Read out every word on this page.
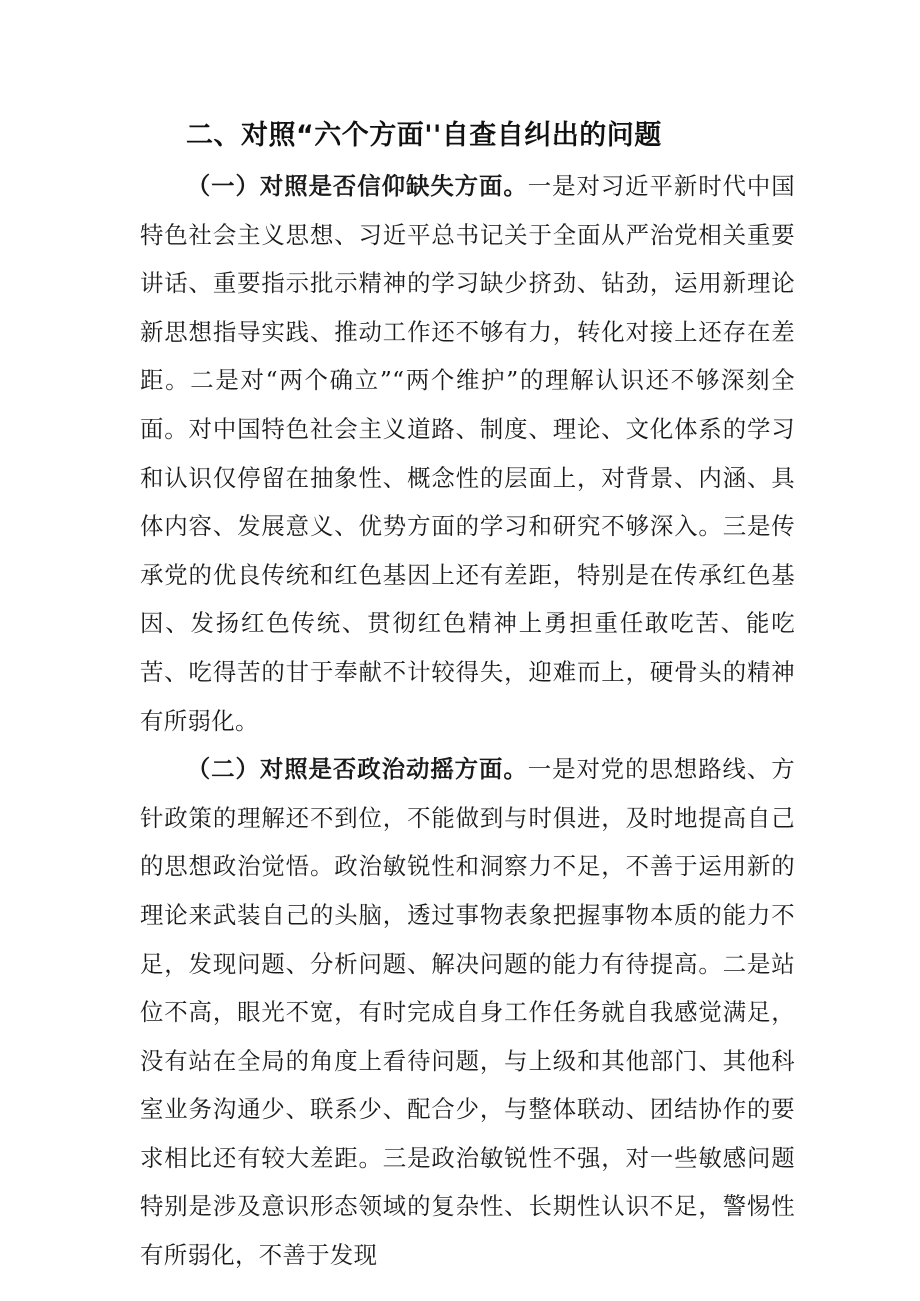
二、对照“六个方面''自查自纠出的问题

（一）对照是否信仰缺失方面。一是对习近平新时代中国特色社会主义思想、习近平总书记关于全面从严治党相关重要讲话、重要指示批示精神的学习缺少挤劲、钻劲，运用新理论新思想指导实践、推动工作还不够有力，转化对接上还存在差距。二是对“两个确立”“两个维护”的理解认识还不够深刻全面。对中国特色社会主义道路、制度、理论、文化体系的学习和认识仅停留在抽象性、概念性的层面上，对背景、内涵、具体内容、发展意义、优势方面的学习和研究不够深入。三是传承党的优良传统和红色基因上还有差距，特别是在传承红色基因、发扬红色传统、贯彻红色精神上勇担重任敢吃苦、能吃苦、吃得苦的甘于奉献不计较得失，迎难而上，硬骨头的精神有所弱化。

（二）对照是否政治动摇方面。一是对党的思想路线、方针政策的理解还不到位，不能做到与时俱进，及时地提高自己的思想政治觉悟。政治敏锐性和洞察力不足，不善于运用新的理论来武装自己的头脑，透过事物表象把握事物本质的能力不足，发现问题、分析问题、解决问题的能力有待提高。二是站位不高，眼光不宽，有时完成自身工作任务就自我感觉满足，没有站在全局的角度上看待问题，与上级和其他部门、其他科室业务沟通少、联系少、配合少，与整体联动、团结协作的要求相比还有较大差距。三是政治敏锐性不强，对一些敏感问题特别是涉及意识形态领域的复杂性、长期性认识不足，警惕性有所弱化，不善于发现
